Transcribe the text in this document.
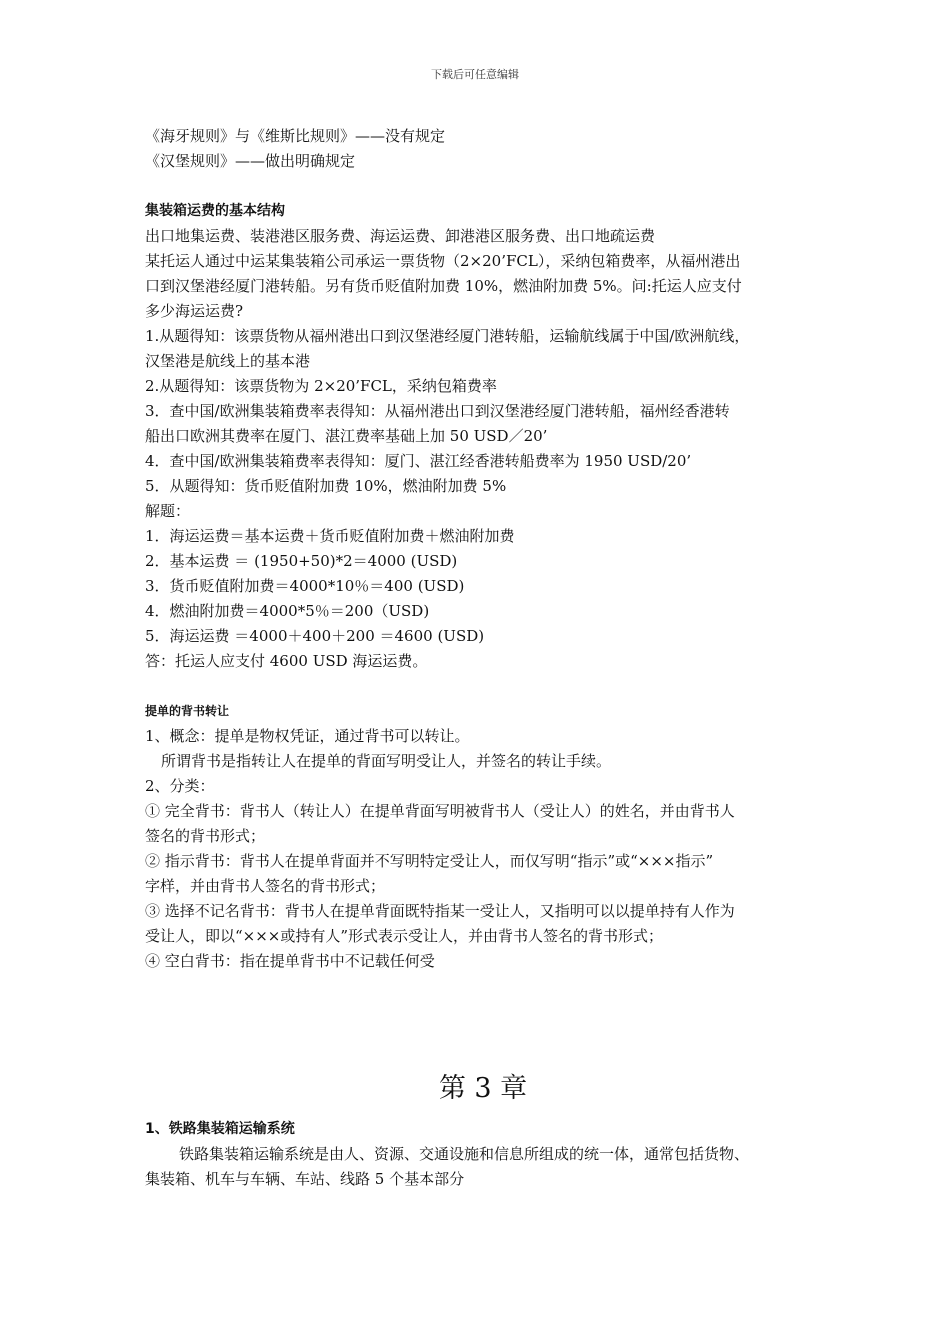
下载后可任意编辑
《海牙规则》与《维斯比规则》——没有规定
《汉堡规则》——做出明确规定
集装箱运费的基本结构
出口地集运费、装港港区服务费、海运运费、卸港港区服务费、出口地疏运费
某托运人通过中运某集装箱公司承运一票货物（2×20’FCL），采纳包箱费率，从福州港出
口到汉堡港经厦门港转船。另有货币贬值附加费 10%，燃油附加费 5%。问:托运人应支付
多少海运运费?
1.从题得知：该票货物从福州港出口到汉堡港经厦门港转船，运输航线属于中国/欧洲航线，
汉堡港是航线上的基本港
2.从题得知：该票货物为 2×20’FCL，采纳包箱费率
3．查中国/欧洲集装箱费率表得知：从福州港出口到汉堡港经厦门港转船，福州经香港转
船出口欧洲其费率在厦门、湛江费率基础上加 50 USD／20’
4．查中国/欧洲集装箱费率表得知：厦门、湛江经香港转船费率为 1950 USD/20’
5．从题得知：货币贬值附加费 10%，燃油附加费 5%
解题：
1．海运运费＝基本运费＋货币贬值附加费＋燃油附加费
2．基本运费 ＝ (1950+50)*2＝4000 (USD)
3．货币贬值附加费＝4000*10％＝400 (USD)
4．燃油附加费＝4000*5％＝200（USD)
5．海运运费 ＝4000＋400＋200 ＝4600 (USD)
答：托运人应支付 4600 USD 海运运费。
提单的背书转让
1、概念：提单是物权凭证，通过背书可以转让。
所谓背书是指转让人在提单的背面写明受让人，并签名的转让手续。
2、分类：
① 完全背书：背书人（转让人）在提单背面写明被背书人（受让人）的姓名，并由背书人
签名的背书形式；
② 指示背书：背书人在提单背面并不写明特定受让人，而仅写明“指示”或“×××指示”
字样，并由背书人签名的背书形式；
③ 选择不记名背书：背书人在提单背面既特指某一受让人，又指明可以以提单持有人作为
受让人，即以“×××或持有人”形式表示受让人，并由背书人签名的背书形式；
④ 空白背书：指在提单背书中不记载任何受
第 3 章
1、铁路集装箱运输系统
铁路集装箱运输系统是由人、资源、交通设施和信息所组成的统一体，通常包括货物、
集装箱、机车与车辆、车站、线路 5 个基本部分
